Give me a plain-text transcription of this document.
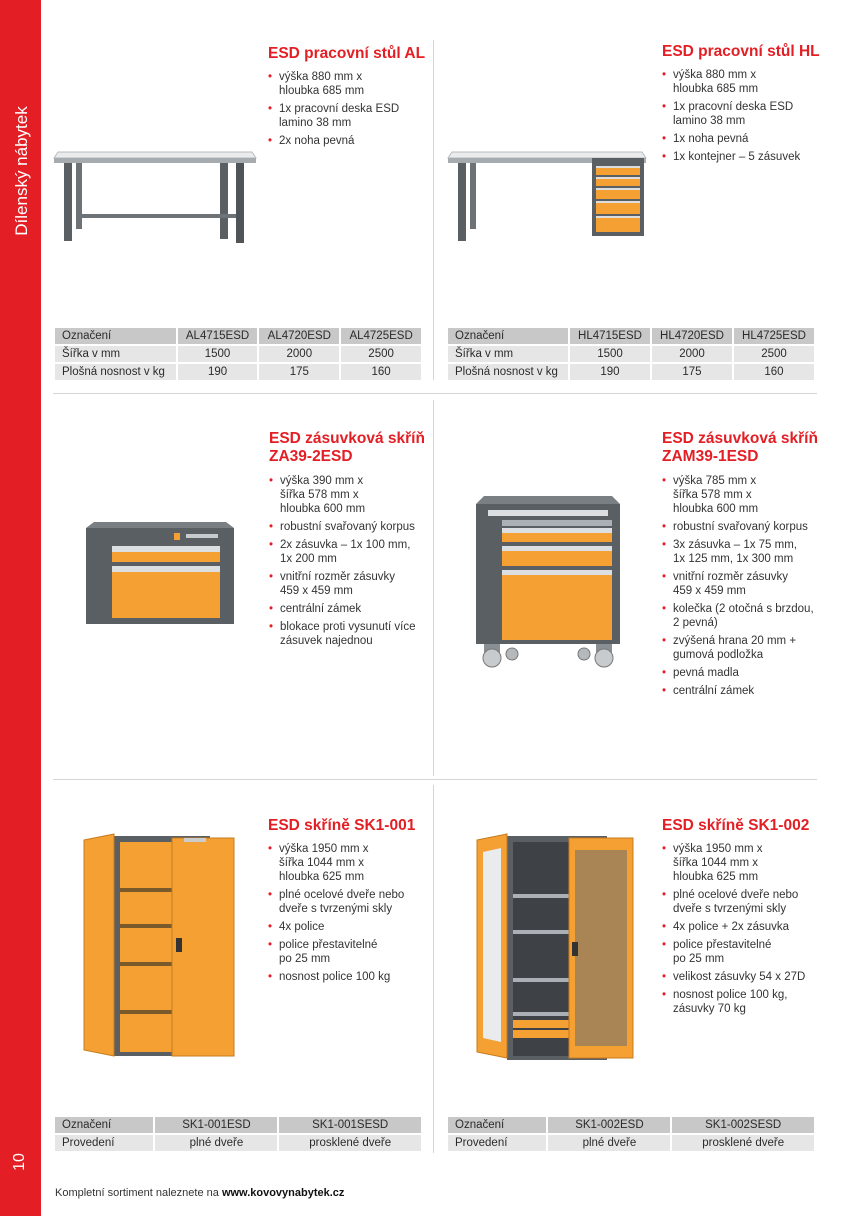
Dílenský nábytek
10
ESD pracovní stůl AL
• výška 880 mm x
hloubka 685 mm
• 1x pracovní deska ESD
lamino 38 mm
• 2x noha pevná
Označení	AL4715ESD	AL4720ESD	AL4725ESD
Šířka v mm	1500	2000	2500
Plošná nosnost v kg	190	175	160
ESD pracovní stůl HL
• výška 880 mm x
hloubka 685 mm
• 1x pracovní deska ESD
lamino 38 mm
• 1x noha pevná
• 1x kontejner – 5 zásuvek
Označení	HL4715ESD	HL4720ESD	HL4725ESD
Šířka v mm	1500	2000	2500
Plošná nosnost v kg	190	175	160
ESD zásuvková skříň
ZA39-2ESD
• výška 390 mm x
šířka 578 mm x
hloubka 600 mm
• robustní svařovaný korpus
• 2x zásuvka – 1x 100 mm,
1x 200 mm
• vnitřní rozměr zásuvky
459 x 459 mm
• centrální zámek
• blokace proti vysunutí více
zásuvek najednou
ESD zásuvková skříň
ZAM39-1ESD
• výška 785 mm x
šířka 578 mm x
hloubka 600 mm
• robustní svařovaný korpus
• 3x zásuvka – 1x 75 mm,
1x 125 mm, 1x 300 mm
• vnitřní rozměr zásuvky
459 x 459 mm
• kolečka (2 otočná s brzdou,
2 pevná)
• zvýšená hrana 20 mm +
gumová podložka
• pevná madla
• centrální zámek
ESD skříně SK1-001
• výška 1950 mm x
šířka 1044 mm x
hloubka 625 mm
• plné ocelové dveře nebo
dveře s tvrzenými skly
• 4x police
• police přestavitelné
po 25 mm
• nosnost police 100 kg
Označení	SK1-001ESD	SK1-001SESD
Provedení	plné dveře	prosklené dveře
ESD skříně SK1-002
• výška 1950 mm x
šířka 1044 mm x
hloubka 625 mm
• plné ocelové dveře nebo
dveře s tvrzenými skly
• 4x police + 2x zásuvka
• police přestavitelné
po 25 mm
• velikost zásuvky 54 x 27D
• nosnost police 100 kg,
zásuvky 70 kg
Označení	SK1-002ESD	SK1-002SESD
Provedení	plné dveře	prosklené dveře
Kompletní sortiment naleznete na www.kovovynabytek.cz
